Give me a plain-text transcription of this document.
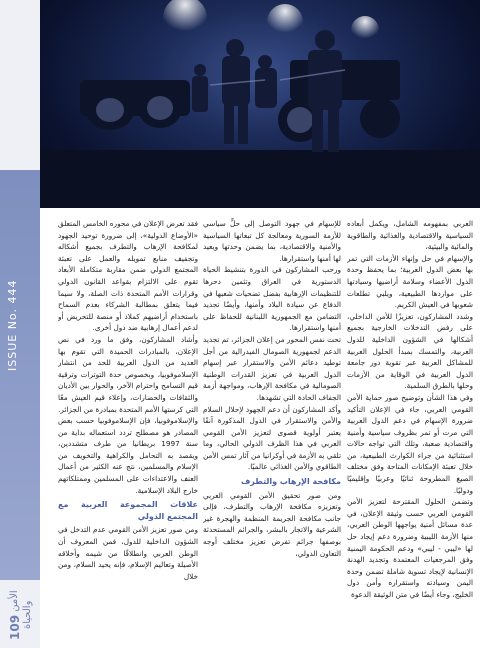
ISSUE No. 444
109 الأمن والحياة

العربي بمفهومه الشامل، ويكمل أبعاده السياسية والاقتصادية والغذائية والطاقوية والمائية والبيئية،

والإسهام في حل وإنهاء الأزمات التي تمر بها بعض الدول العربية؛ بما يحفظ وحدة الدول الأعضاء وسلامة أراضيها وسيادتها على مواردها الطبيعية، ويلبي تطلعات شعوبها في العيش الكريم.

وشدد المشاركون، تعزيزًا للأمن الداخلي، على رفض التدخلات الخارجية بجميع أشكالها في الشؤون الداخلية للدول العربية، والتمسك بمبدأ الحلول العربية للمشاكل العربية عبر تقوية دور جامعة الدول العربية في الوقاية من الأزمات وحلها بالطرق السلمية.

وفي هذا الشأن وتوضيح صور حماية الأمن القومي العربي، جاء في الإعلان التأكيد ضرورة الإسهام في دعم الدول العربية التي مرت أو تمر بظروف سياسية وأمنية واقتصادية صعبة، وتلك التي تواجه حالات استثنائية من جراء الكوارث الطبيعية، من خلال تعبئة الإمكانات المتاحة وفق مختلف الصيغ المطروحة ثنائيًا وعربيًا وإقليميًا ودوليًا.

وتضمن الحلول المقترحة لتعزيز الأمن القومي العربي حسب وثيقة الإعلان، في عدة مسائل أمنية يواجهها الوطن العربي، منها الأزمة الليبية وضرورة دعم إيجاد حل لها «ليبي - ليبي» ودعم الحكومة اليمنية وفق المرجعيات المعتمدة وتجديد الهدنة الإنسانية لإيجاد تسوية شاملة تضمن وحدة اليمن وسيادته واستقراره وأمن دول الخليج، وجاء أيضًا في متن الوثيقة الدعوة

للإسهام في جهود التوصل إلى حلٍّ سياسي للأزمة السورية ومعالجة كل تبعاتها السياسية والأمنية والاقتصادية، بما يضمن وحدتها ويعيد لها أمنها واستقرارها.

ورحب المشاركون في الدورة بتنشيط الحياة الدستورية في العراق وتثمين دحرها للتنظيمات الإرهابية بفضل تضحيات شعبها في الدفاع عن سيادة البلاد وأمنها، وأيضًا تجديد التضامن مع الجمهورية اللبنانية للحفاظ على أمنها واستقرارها.

تحت نفس المحور من إعلان الجزائر، تم تجديد الدعم لجمهورية الصومال الفيدرالية من أجل توطيد دعائم الأمن والاستقرار عبر إسهام الدول العربية في تعزيز القدرات الوطنية الصومالية في مكافحة الإرهاب، ومواجهة أزمة الجفاف الحادة التي تشهدها.

وأكد المشاركون أن دعم الجهود لإحلال السلام والأمن والاستقرار في الدول المذكورة آنفًا يعتبر أولوية قصوى لتعزيز الأمن القومي العربي في هذا الظرف الدولي الحالي، وما تلقي به الأزمة في أوكرانيا من آثار تمس الأمن الطاقوي والأمن الغذائي عالميًا.

مكافحة الإرهاب والتطرف

ومن صور تحقيق الأمن القومي العربي وتعزيزه مكافحة الإرهاب والتطرف، فإلى جانب مكافحة الجريمة المنظمة والهجرة غير الشرعية والاتجار بالبشر، والجرائم المستحدثة بوصفها جرائم تفرض تعزيز مختلف أوجه التعاون الدولي،

فقد تعرض الإعلان في محوره الخامس المتعلق «الأوضاع الدولية»، إلى ضرورة توحيد الجهود لمكافحة الإرهاب والتطرف بجميع أشكاله وتجفيف منابع تمويله والعمل على تعبئة المجتمع الدولي ضمن مقاربة متكاملة الأبعاد تقوم على الالتزام بقواعد القانون الدولي وقرارات الأمم المتحدة ذات الصلة، ولا سيما فيما يتعلق بمطالبة الشركاء بعدم السماح باستخدام أراضيهم كملاذ أو منصة للتحريض أو لدعم أعمال إرهابية ضد دول أخرى.

وأشاد المشاركون، وفق ما ورد في نص الإعلان، بالمبادرات الحميدة التي تقوم بها العديد من الدول العربية للحد من انتشار الإسلاموفوبيا، وبخصوص حدة التوترات وترقية قيم التسامح واحترام الآخر، والحوار بين الأديان والثقافات والحضارات، وإعلاء قيم العيش معًا التي كرستها الأمم المتحدة بمبادرة من الجزائر.

والإسلاموفوبيا، فإن الإسلاموفوبيا حسب بعض المصادر هو مصطلح تردد استعماله بداية من سنة 1997 بريطانيا من طرف متشددين، ويقصد به التحامل والكراهية والتخويف من الإسلام والمسلمين، نتج عنه الكثير من أعمال العنف والاعتداءات على المسلمين وممتلكاتهم خارج البلاد الإسلامية.

علاقات المجموعة العربية مع المجتمع الدولي

ومن صور تعزيز الأمن القومي عدم التدخل في الشؤون الداخلية للدول، فمن المعروف أن الوطن العربي وانطلاقًا من شيمه وأخلاقه الأصيلة وتعاليم الإسلام، فإنه يحيد السلام، ومن خلال
